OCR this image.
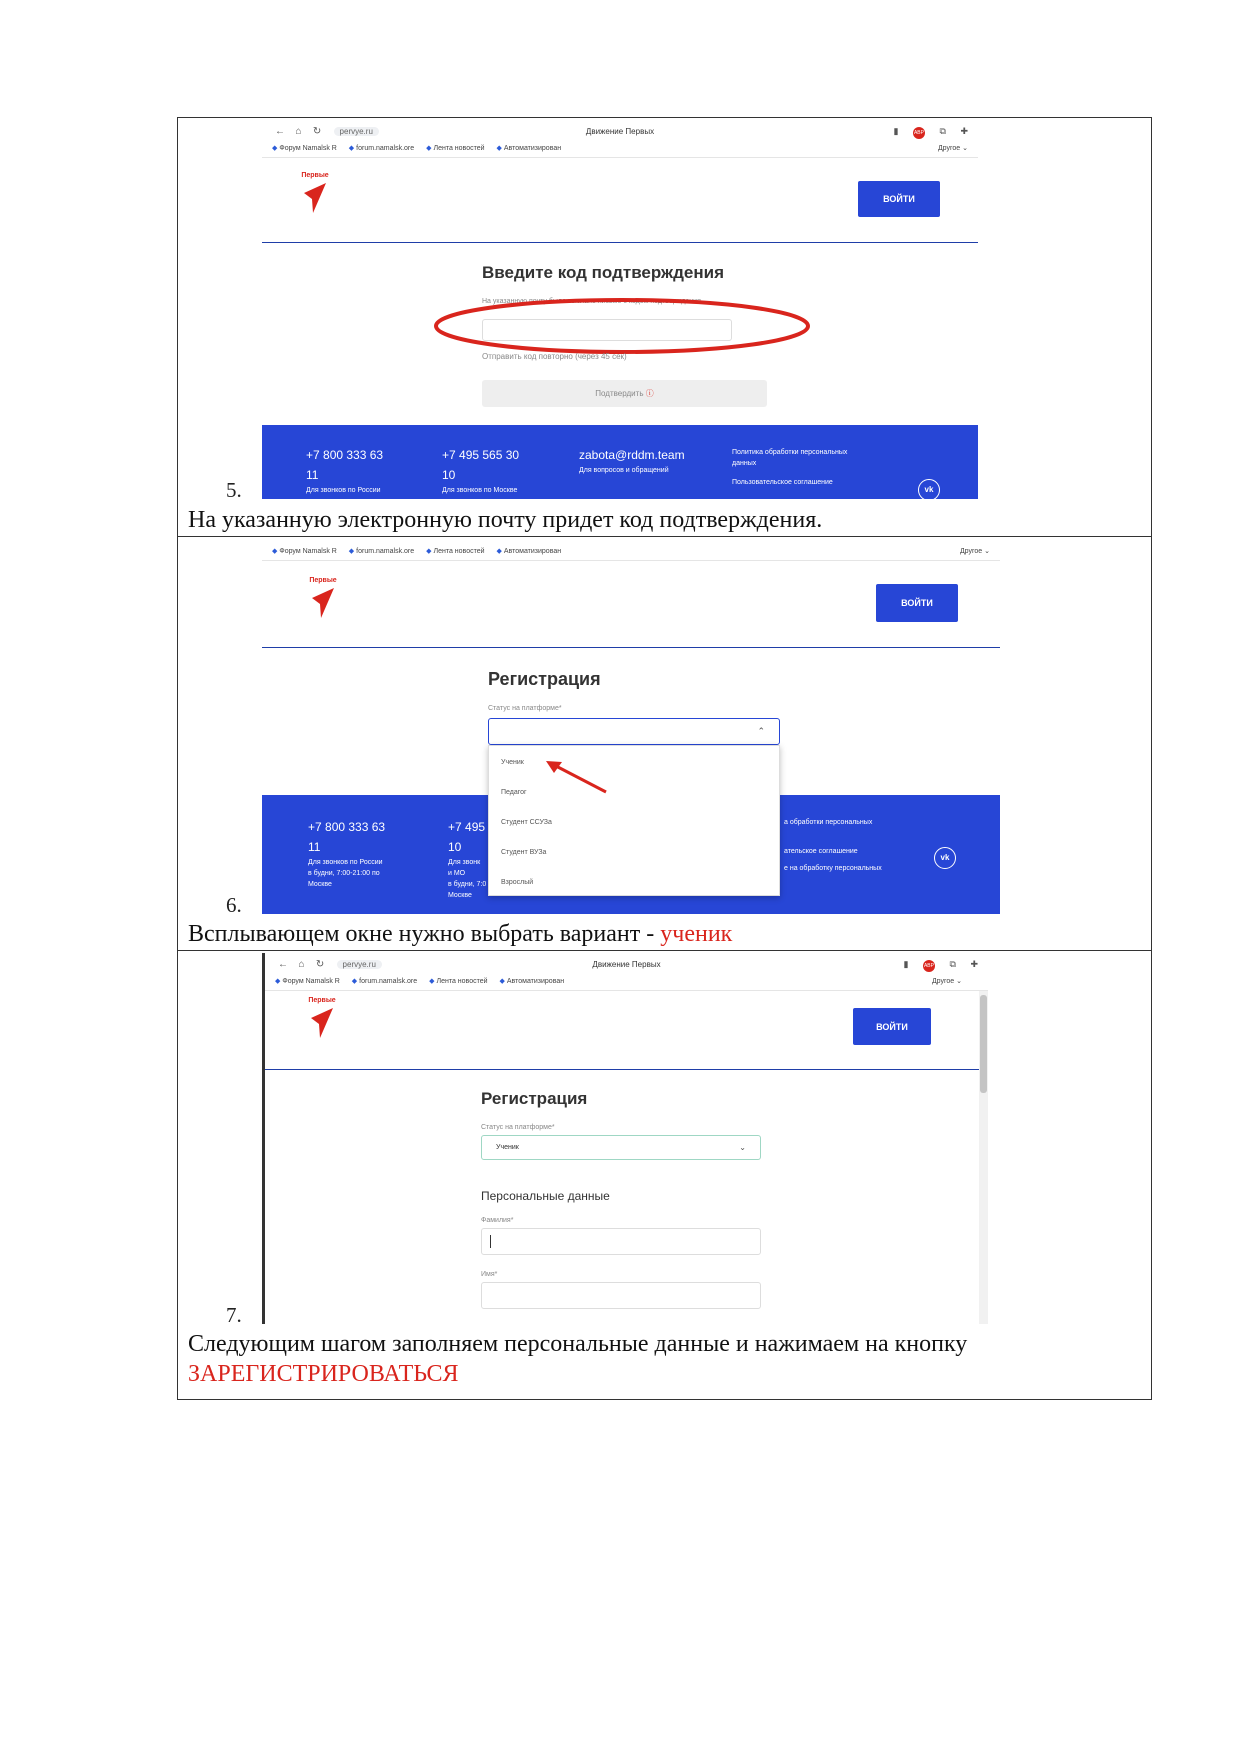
← ⌂ ↻ pervye.ru	Движение Первых	▮	ABP ⧉ ✚
◆ Форум Namalsk R ◆ forum.namalsk.ore ◆ Лента новостей ◆ Автоматизирован	Другое ⌄
Первые
ВОЙТИ
Введите код подтверждения
На указанную почту было выслано письмо с кодом подтверждения.
Отправить код повторно (через 45 сек)
Подтвердить ⓘ
+7 800 333 63
11
Для звонков по России
+7 495 565 30
10
Для звонков по Москве
zabota@rddm.team
Для вопросов и обращений
Политика обработки персональных
данных
Пользовательское соглашение
vk
5.
На указанную электронную почту придет код подтверждения.
◆ Форум Namalsk R ◆ forum.namalsk.ore ◆ Лента новостей ◆ Автоматизирован	Другое ⌄
Первые
ВОЙТИ
Регистрация
Статус на платформе*
⌃
+7 800 333 63
11
Для звонков по России
в будни, 7:00-21:00 по
Москве
+7 495
10
Для звонк
и МО
в будни, 7:0
Москве
а обработки персональных
ательское соглашение
е на обработку персональных
vk
Ученик
Педагог
Студент ССУЗа
Студент ВУЗа
Взрослый
6.
Всплывающем окне нужно выбрать вариант - ученик
← ⌂ ↻ pervye.ru	Движение Первых	▮	ABP ⧉ ✚
◆ Форум Namalsk R ◆ forum.namalsk.ore ◆ Лента новостей ◆ Автоматизирован	Другое ⌄
Первые
ВОЙТИ
Регистрация
Статус на платформе*
Ученик	⌄
Персональные данные
Фамилия*
Имя*
7.
Следующим шагом заполняем персональные данные и нажимаем на кнопку
ЗАРЕГИСТРИРОВАТЬСЯ
